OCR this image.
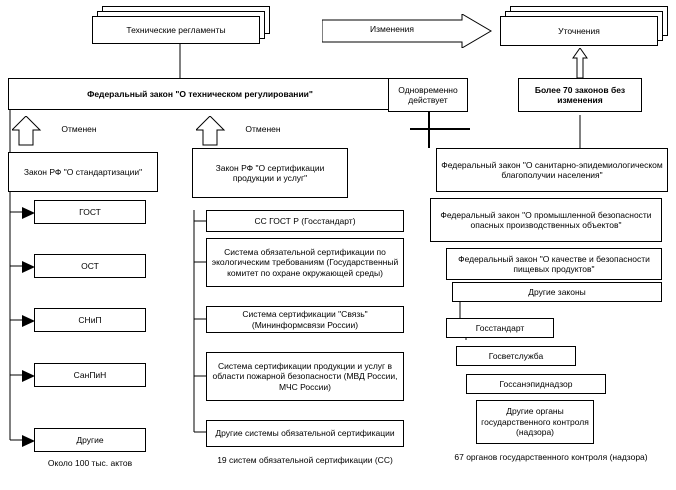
Технические регламенты	Изменения	Уточнения
Федеральный закон "О техническом регулировании"	Одновременно действует
Более 70 законов без изменения
Отменен	Отменен
Закон РФ "О стандартизации"	Закон РФ "О сертификации продукции и услуг"
ГОСТ
ОСТ
СНиП
СанПиН
Другие
Около 100 тыс. актов
СС ГОСТ Р (Госстандарт)
Система обязательной сертификации по экологическим требованиям (Государственный комитет по охране окружающей среды)
Система сертификации "Связь" (Мининформсвязи России)
Система сертификации продукции и услуг в области пожарной безопасности (МВД России, МЧС России)
Другие системы обязательной сертификации
19 систем обязательной сертификации (СС)
Федеральный закон "О санитарно-эпидемиологическом благополучии населения"
Федеральный закон "О промышленной безопасности опасных производственных объектов"
Федеральный закон "О качестве и безопасности пищевых продуктов"
Другие законы
Госстандарт
Госветслужба
Госсанэпиднадзор
Другие органы государственного контроля (надзора)
67 органов государственного контроля (надзора)
